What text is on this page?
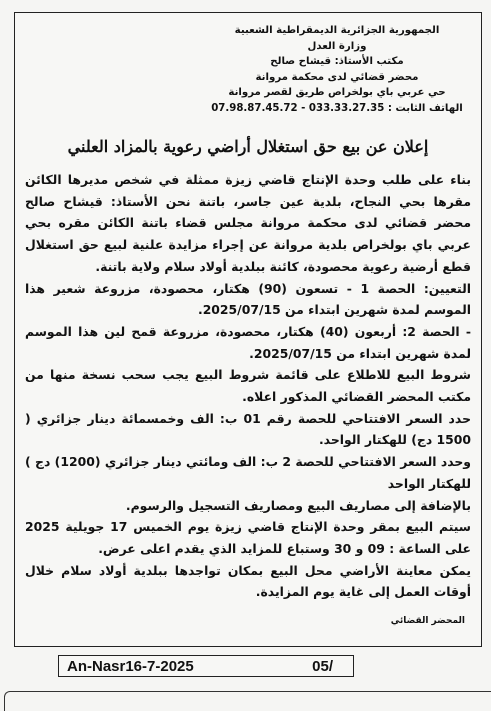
الجمهورية الجزائرية الديمقراطية الشعبية
وزارة العدل
مكتب الأستاذ: قيشاح صالح
محضر قضائي لدى محكمة مروانة
حي عربي باي بولخراص طريق لقصر مروانة
الهاتف الثابت : 033.33.27.35 - 07.98.87.45.72
إعلان عن بيع حق استغلال أراضي رعوية بالمزاد العلني

بناء على طلب وحدة الإنتاج قاضي زيزة ممثلة في شخص مديرها الكائن مقرها بحي النجاح، بلدية عين جاسر، باتنة نحن الأستاذ: قيشاح صالح محضر قضائي لدى محكمة مروانة مجلس قضاء باتنة الكائن مقره بحي عربي باي بولخراص بلدية مروانة عن إجراء مزايدة علنية لبيع حق استغلال قطع أرضية رعوية محصودة، كائنة ببلدية أولاد سلام ولاية باتنة.

التعيين: الحصة 1 - تسعون (90) هكتار، محصودة، مزروعة شعير هذا الموسم لمدة شهرين ابتداء من 2025/07/15.

- الحصة 2: أربعون (40) هكتار، محصودة، مزروعة قمح لين هذا الموسم لمدة شهرين ابتداء من 2025/07/15.

شروط البيع للاطلاع على قائمة شروط البيع يجب سحب نسخة منها من مكتب المحضر القضائي المذكور اعلاه.

حدد السعر الافتتاحي للحصة رقم 01 ب: الف وخمسمائة دينار جزائري ( 1500 دج) للهكتار الواحد.

وحدد السعر الافتتاحي للحصة 2 ب: الف ومائتي دينار جزائري (1200) دج ) للهكتار الواحد

بالإضافة إلى مصاريف البيع ومصاريف التسجيل والرسوم.

سيتم البيع بمقر وحدة الإنتاج قاضي زيزة يوم الخميس 17 جويلية 2025 على الساعة : 09 و 30 وستباع للمزايد الذي يقدم اعلى عرض.

يمكن معاينة الأراضي محل البيع بمكان تواجدها ببلدية أولاد سلام خلال أوقات العمل إلى غاية يوم المزايدة.

المحضر القضائي
An-Nasr16-7-2025	05/
